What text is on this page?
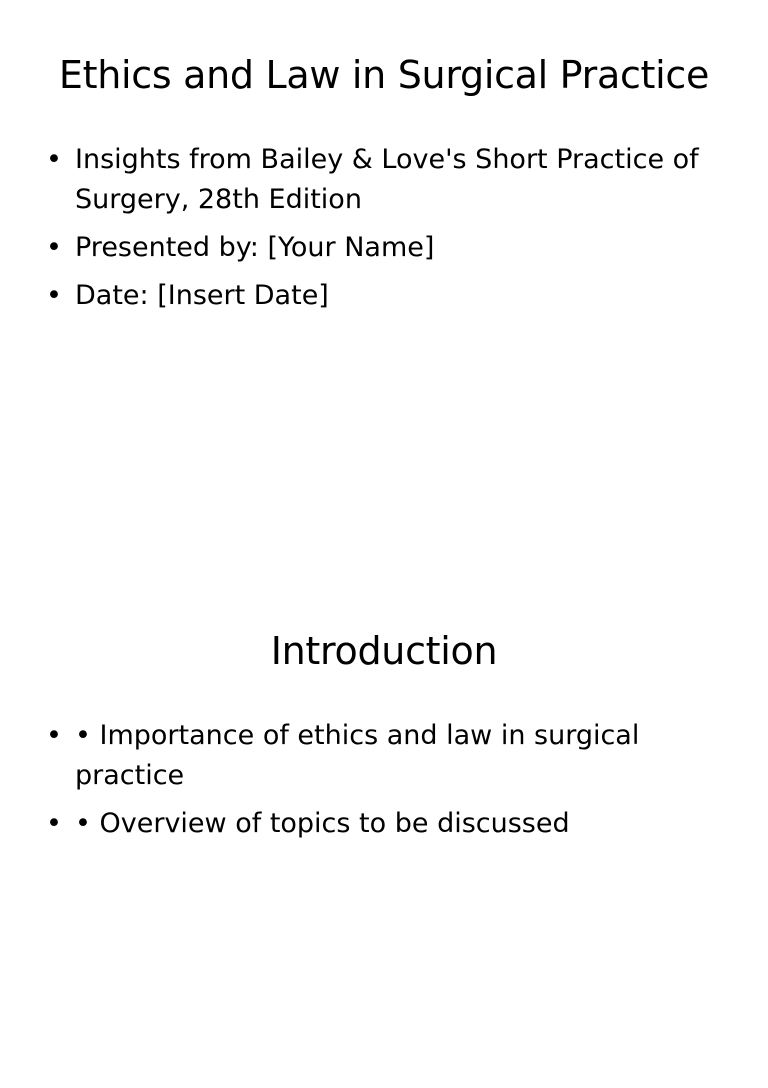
Ethics and Law in Surgical Practice
• Insights from Bailey & Love's Short Practice of Surgery, 28th Edition
• Presented by: [Your Name]
• Date: [Insert Date]
Introduction
• • Importance of ethics and law in surgical practice
• • Overview of topics to be discussed
